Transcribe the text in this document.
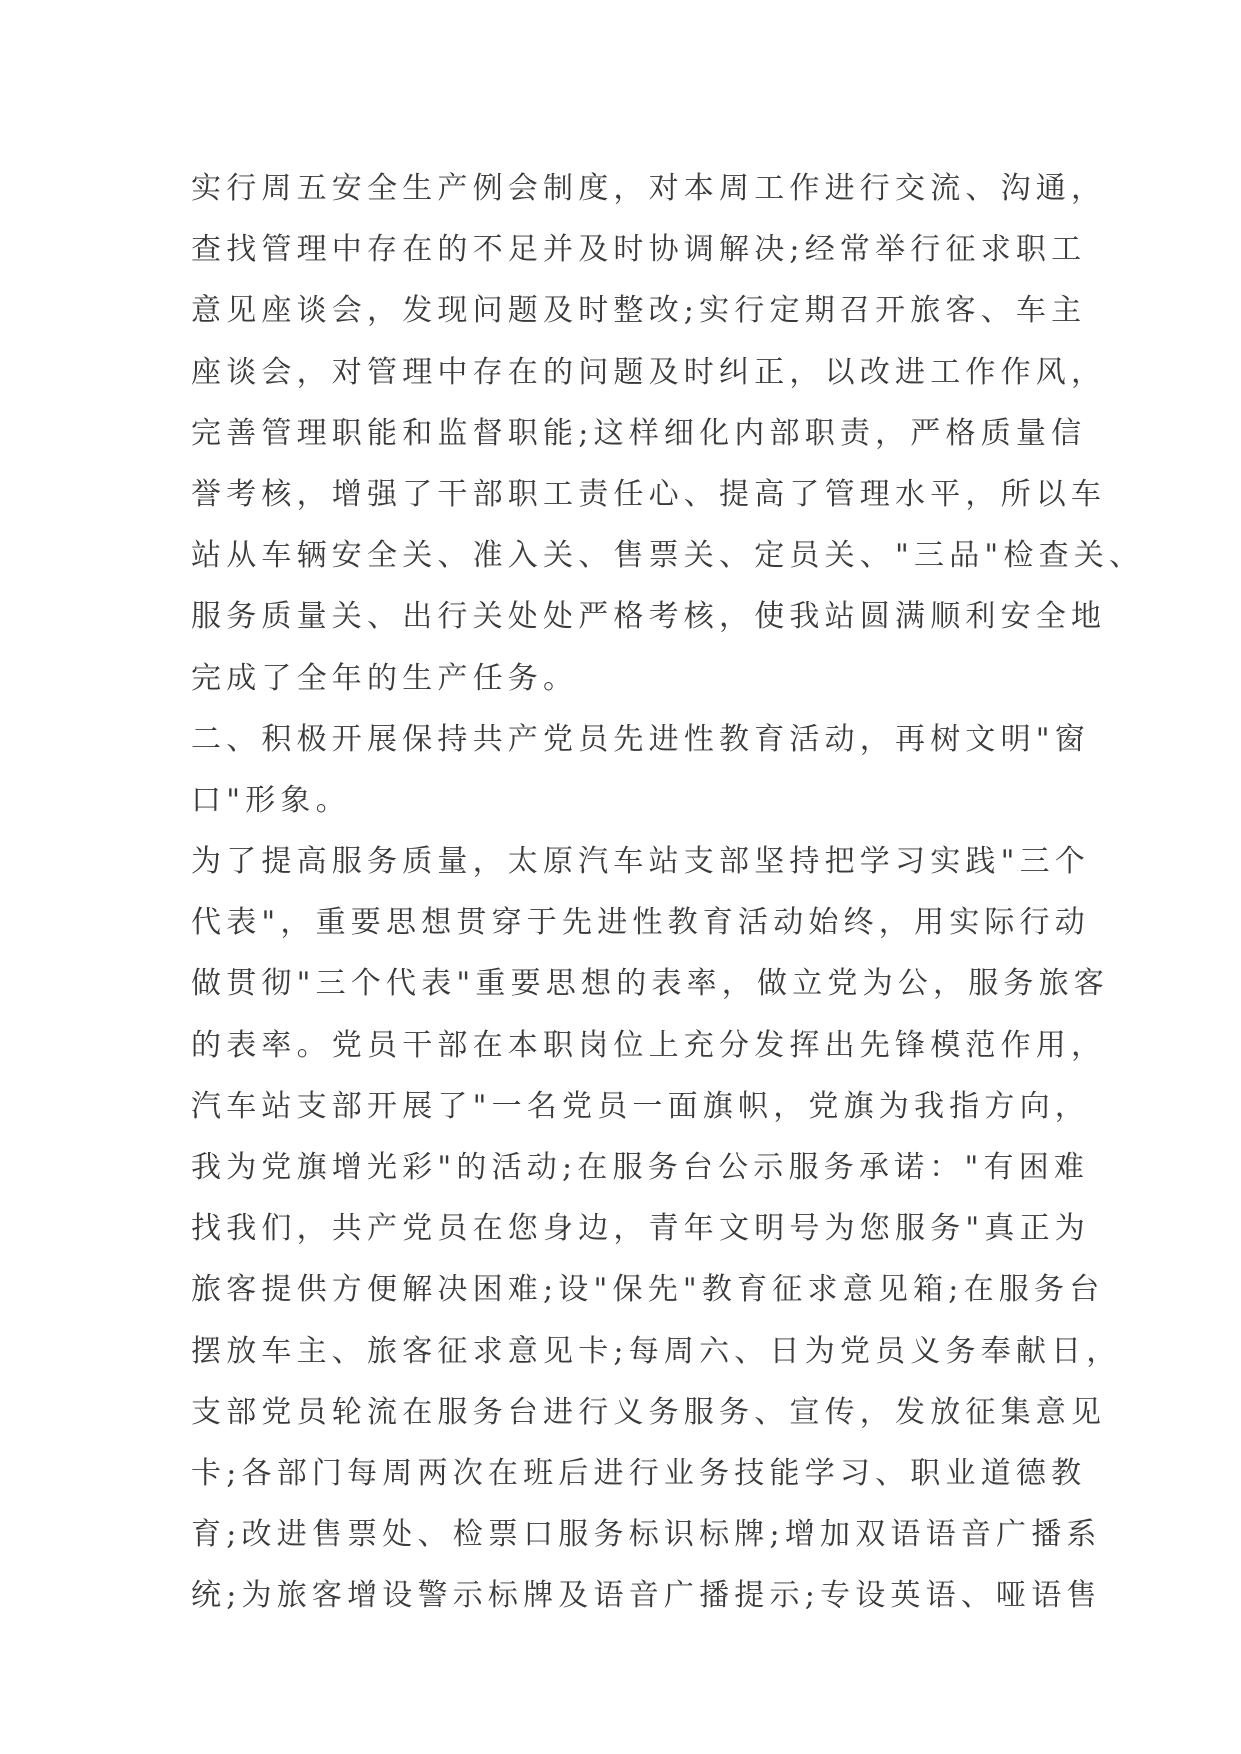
实行周五安全生产例会制度，对本周工作进行交流、沟通，
查找管理中存在的不足并及时协调解决;经常举行征求职工
意见座谈会，发现问题及时整改;实行定期召开旅客、车主
座谈会，对管理中存在的问题及时纠正，以改进工作作风，
完善管理职能和监督职能;这样细化内部职责，严格质量信
誉考核，增强了干部职工责任心、提高了管理水平，所以车
站从车辆安全关、准入关、售票关、定员关、"三品"检查关、
服务质量关、出行关处处严格考核，使我站圆满顺利安全地
完成了全年的生产任务。
二、积极开展保持共产党员先进性教育活动，再树文明"窗
口"形象。
为了提高服务质量，太原汽车站支部坚持把学习实践"三个
代表"，重要思想贯穿于先进性教育活动始终，用实际行动
做贯彻"三个代表"重要思想的表率，做立党为公，服务旅客
的表率。党员干部在本职岗位上充分发挥出先锋模范作用，
汽车站支部开展了"一名党员一面旗帜，党旗为我指方向，
我为党旗增光彩"的活动;在服务台公示服务承诺："有困难
找我们，共产党员在您身边，青年文明号为您服务"真正为
旅客提供方便解决困难;设"保先"教育征求意见箱;在服务台
摆放车主、旅客征求意见卡;每周六、日为党员义务奉献日，
支部党员轮流在服务台进行义务服务、宣传，发放征集意见
卡;各部门每周两次在班后进行业务技能学习、职业道德教
育;改进售票处、检票口服务标识标牌;增加双语语音广播系
统;为旅客增设警示标牌及语音广播提示;专设英语、哑语售
